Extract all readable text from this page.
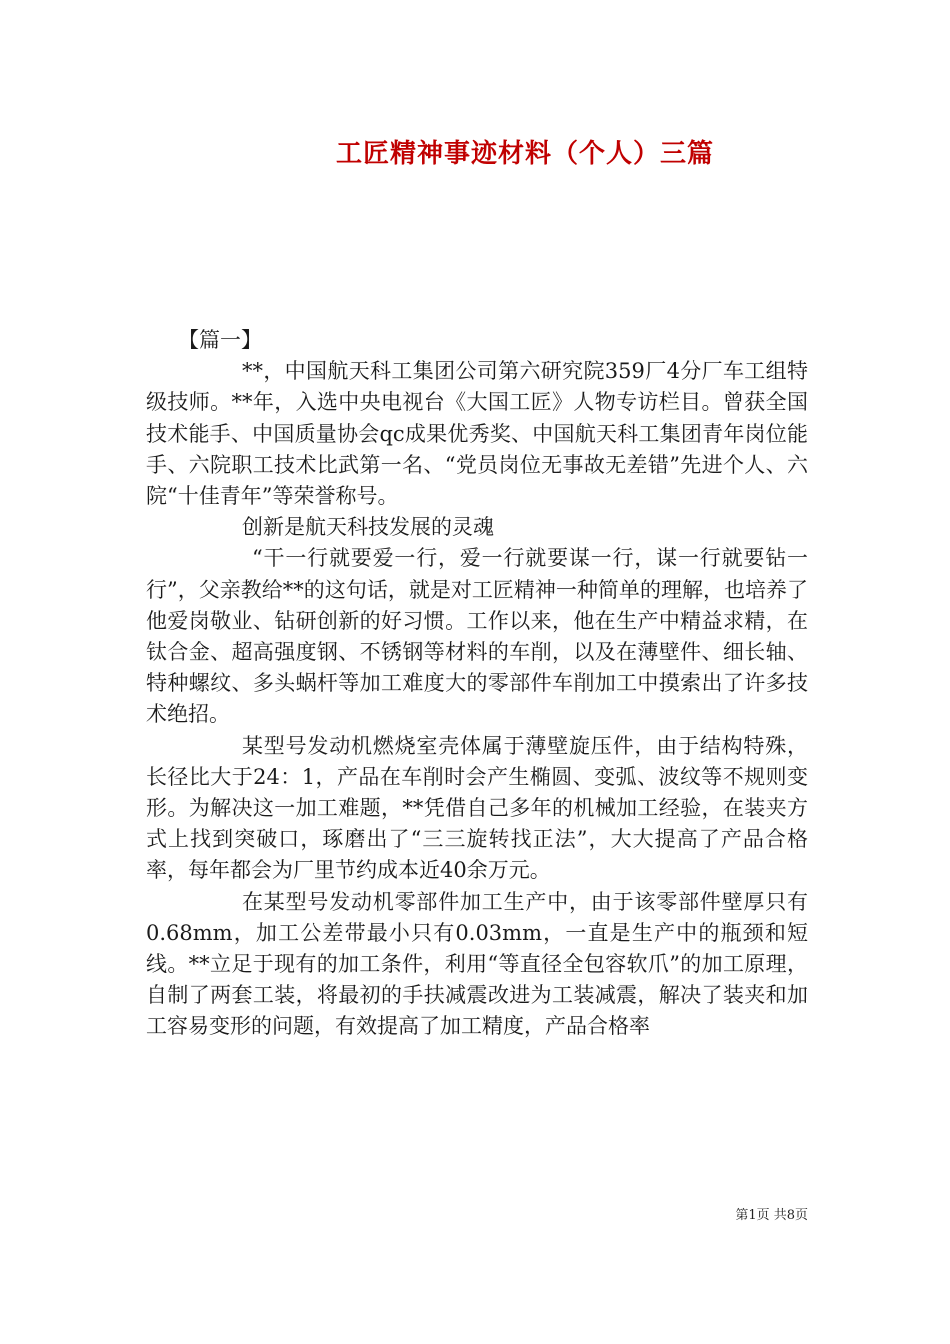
工匠精神事迹材料（个人）三篇

【篇一】

**，中国航天科工集团公司第六研究院359厂4分厂车工组特级技师。**年，入选中央电视台《大国工匠》人物专访栏目。曾获全国技术能手、中国质量协会qc成果优秀奖、中国航天科工集团青年岗位能手、六院职工技术比武第一名、“党员岗位无事故无差错”先进个人、六院“十佳青年”等荣誉称号。

创新是航天科技发展的灵魂

“干一行就要爱一行，爱一行就要谋一行，谋一行就要钻一行”，父亲教给**的这句话，就是对工匠精神一种简单的理解，也培养了他爱岗敬业、钻研创新的好习惯。工作以来，他在生产中精益求精，在钛合金、超高强度钢、不锈钢等材料的车削，以及在薄壁件、细长轴、特种螺纹、多头蜗杆等加工难度大的零部件车削加工中摸索出了许多技术绝招。

某型号发动机燃烧室壳体属于薄壁旋压件，由于结构特殊，长径比大于24：1，产品在车削时会产生椭圆、变弧、波纹等不规则变形。为解决这一加工难题，**凭借自己多年的机械加工经验，在装夹方式上找到突破口，琢磨出了“三三旋转找正法”，大大提高了产品合格率，每年都会为厂里节约成本近40余万元。

在某型号发动机零部件加工生产中，由于该零部件壁厚只有0.68mm，加工公差带最小只有0.03mm，一直是生产中的瓶颈和短线。**立足于现有的加工条件，利用“等直径全包容软爪”的加工原理，自制了两套工装，将最初的手扶减震改进为工装减震，解决了装夹和加工容易变形的问题，有效提高了加工精度，产品合格率

第1页 共8页
